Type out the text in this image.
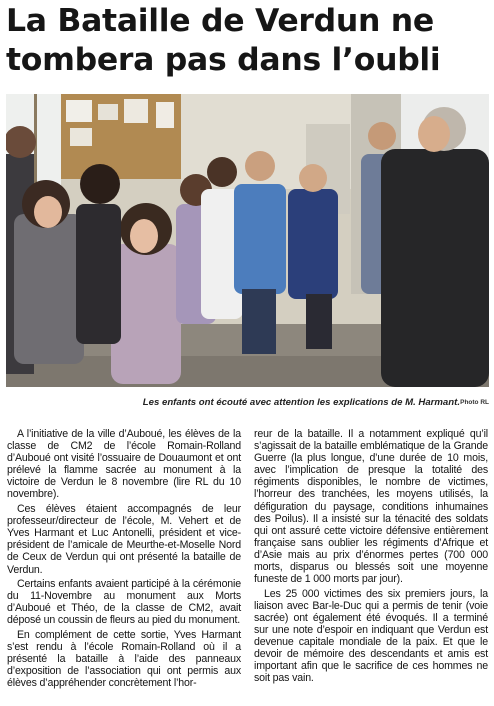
La Bataille de Verdun ne
tombera pas dans l’oubli
Les enfants ont écouté avec attention les explications de M. Harmant. Photo RL

A l’initiative de la ville d’Auboué, les élèves de la classe de CM2 de l’école Romain-Rolland d’Auboué ont visité l’ossuaire de Douaumont et ont prélevé la flamme sacrée au monument à la victoire de Verdun le 8 novembre (lire RL du 10 novembre).

Ces élèves étaient accompagnés de leur professeur/directeur de l’école, M. Vehert et de Yves Harmant et Luc Antonelli, président et vice-président de l’amicale de Meurthe-et-Moselle Nord de Ceux de Verdun qui ont présenté la bataille de Verdun.

Certains enfants avaient participé à la cérémonie du 11-Novembre au monument aux Morts d’Auboué et Théo, de la classe de CM2, avait déposé un coussin de fleurs au pied du monument.

En complément de cette sortie, Yves Harmant s’est rendu à l’école Romain-Rolland où il a présenté la bataille à l’aide des panneaux d’exposition de l’association qui ont permis aux élèves d’appréhender concrètement l’hor-

reur de la bataille. Il a notamment expliqué qu’il s’agissait de la bataille emblématique de la Grande Guerre (la plus longue, d’une durée de 10 mois, avec l’implication de presque la totalité des régiments disponibles, le nombre de victimes, l’horreur des tranchées, les moyens utilisés, la défiguration du paysage, conditions inhumaines des Poilus). Il a insisté sur la ténacité des soldats qui ont assuré cette victoire défensive entièrement française sans oublier les régiments d’Afrique et d’Asie mais au prix d’énormes pertes (700 000 morts, disparus ou blessés soit une moyenne funeste de 1 000 morts par jour).

Les 25 000 victimes des six premiers jours, la liaison avec Bar-le-Duc qui a permis de tenir (voie sacrée) ont également été évoqués. Il a terminé sur une note d’espoir en indiquant que Verdun est devenue capitale mondiale de la paix. Et que le devoir de mémoire des descendants et amis est important afin que le sacrifice de ces hommes ne soit pas vain.
